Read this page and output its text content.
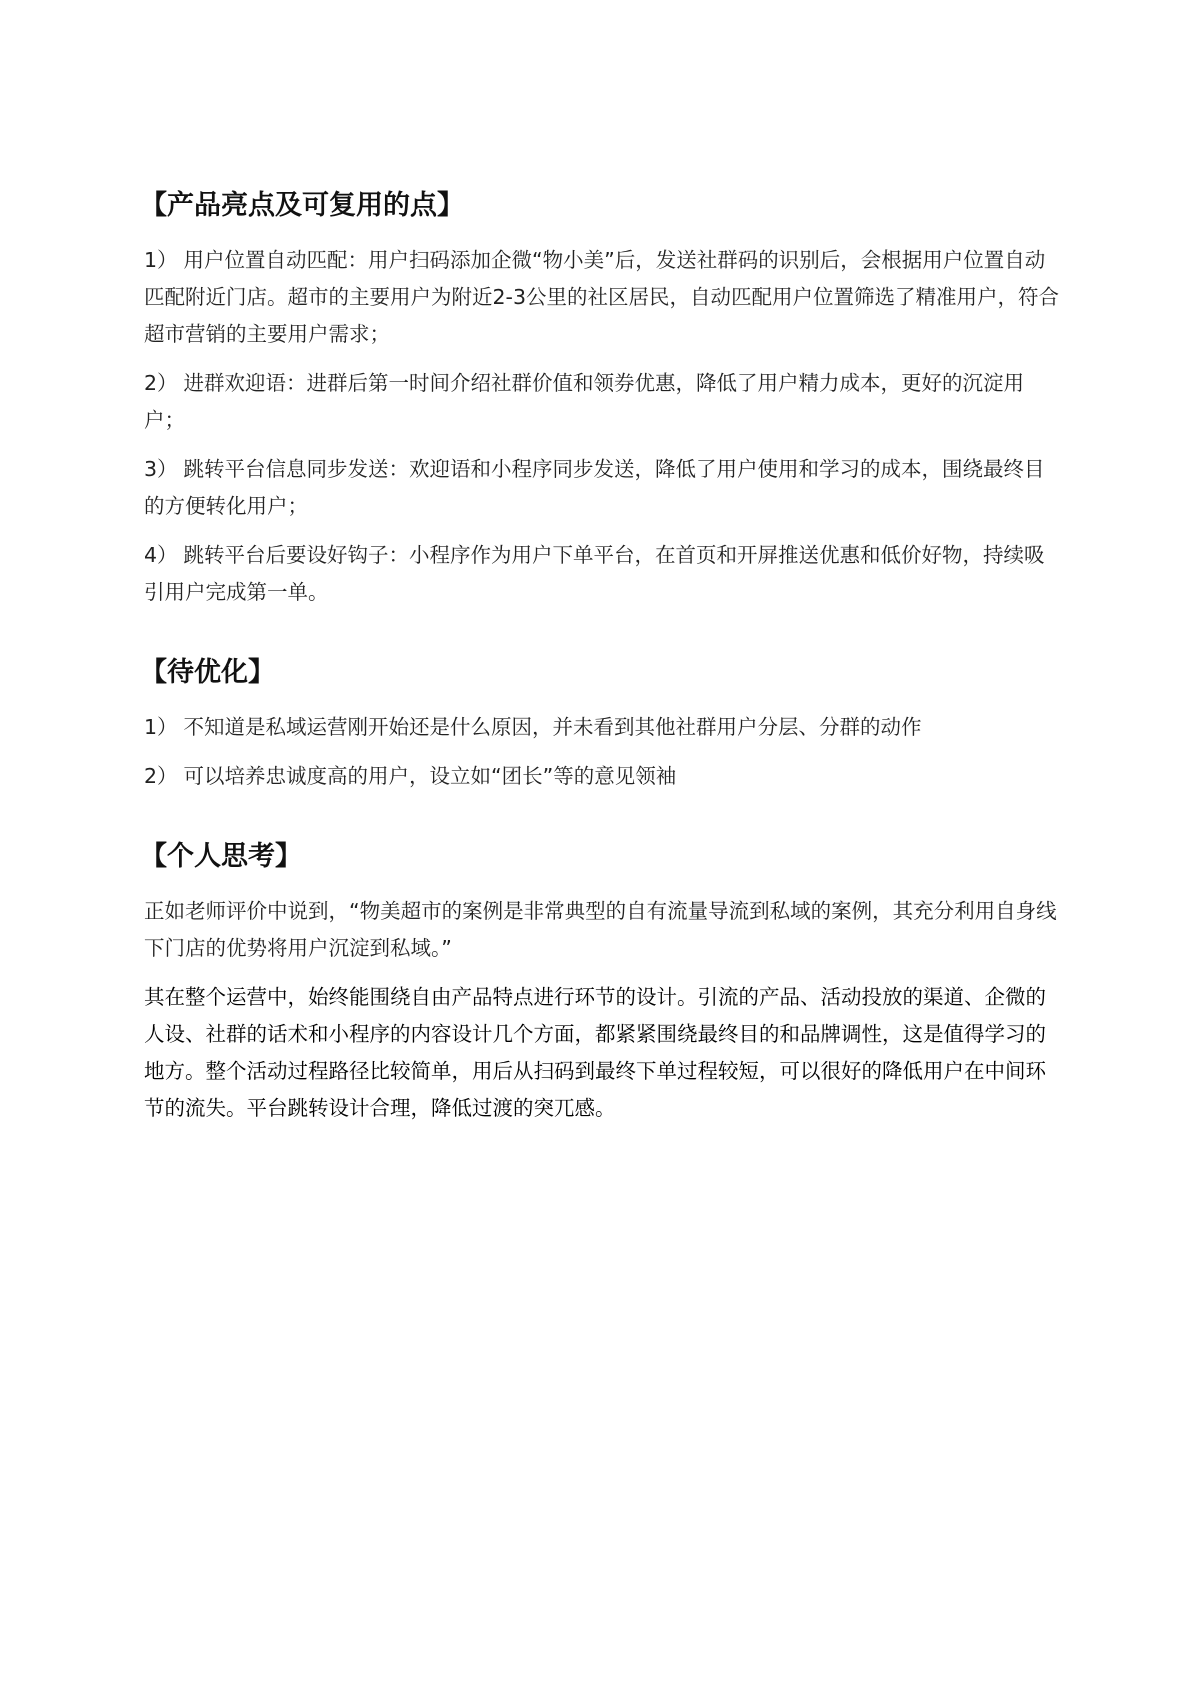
【产品亮点及可复用的点】
1） 用户位置自动匹配：用户扫码添加企微“物小美”后，发送社群码的识别后，会根据用户位置自动匹配附近门店。超市的主要用户为附近2-3公里的社区居民，自动匹配用户位置筛选了精准用户，符合超市营销的主要用户需求；
2） 进群欢迎语：进群后第一时间介绍社群价值和领券优惠，降低了用户精力成本，更好的沉淀用户；
3） 跳转平台信息同步发送：欢迎语和小程序同步发送，降低了用户使用和学习的成本，围绕最终目的方便转化用户；
4） 跳转平台后要设好钩子：小程序作为用户下单平台，在首页和开屏推送优惠和低价好物，持续吸引用户完成第一单。
【待优化】
1） 不知道是私域运营刚开始还是什么原因，并未看到其他社群用户分层、分群的动作
2） 可以培养忠诚度高的用户，设立如“团长”等的意见领袖
【个人思考】
正如老师评价中说到，“物美超市的案例是非常典型的自有流量导流到私域的案例，其充分利用自身线下门店的优势将用户沉淀到私域。”
其在整个运营中，始终能围绕自由产品特点进行环节的设计。引流的产品、活动投放的渠道、企微的人设、社群的话术和小程序的内容设计几个方面，都紧紧围绕最终目的和品牌调性，这是值得学习的地方。整个活动过程路径比较简单，用后从扫码到最终下单过程较短，可以很好的降低用户在中间环节的流失。平台跳转设计合理，降低过渡的突兀感。
